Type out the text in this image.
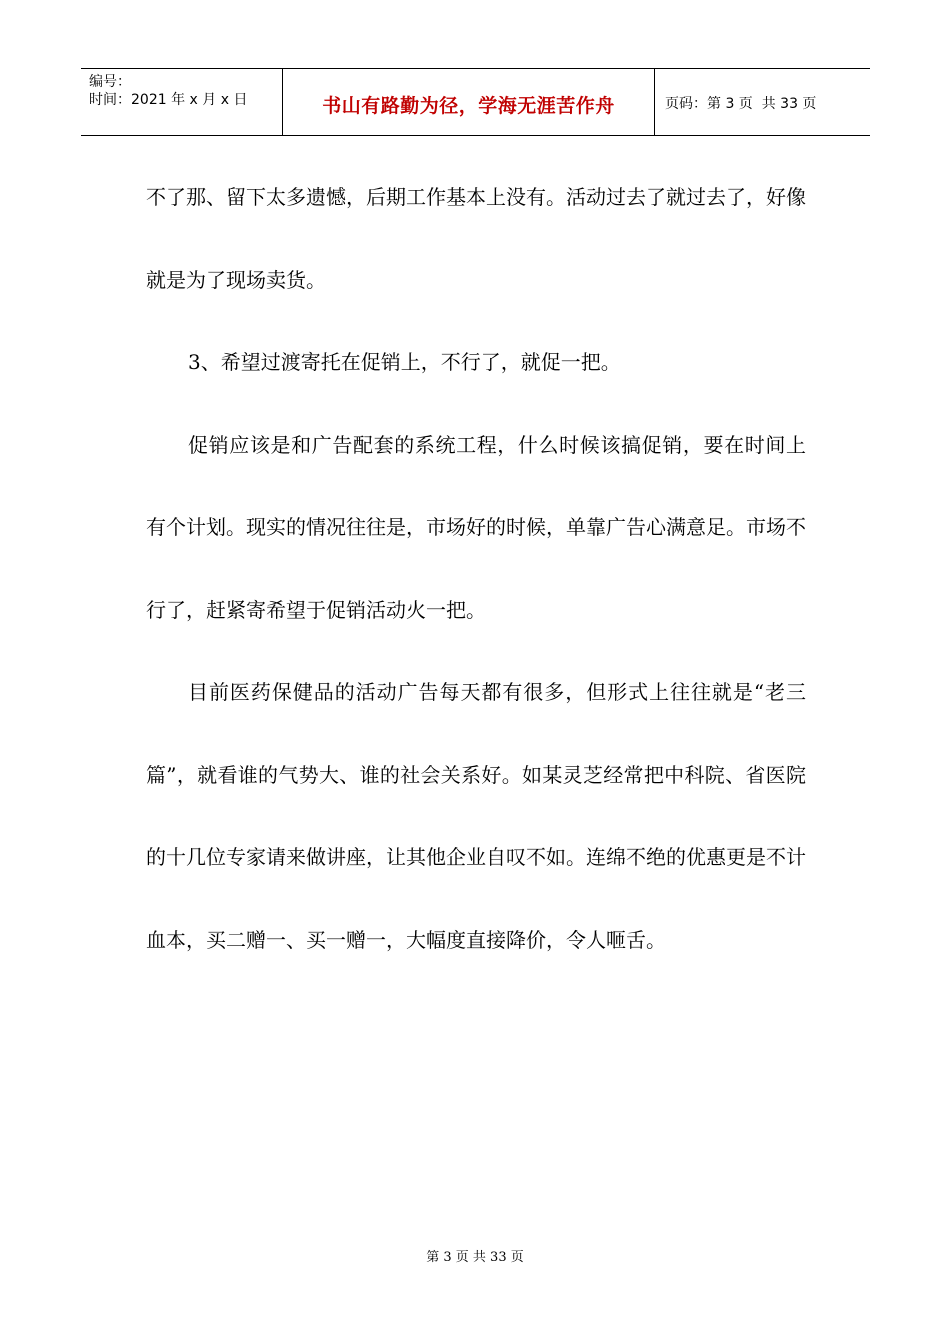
编号：
时间：2021 年 x 月 x 日	书山有路勤为径，学海无涯苦作舟	页码：第 3 页  共 33 页

不了那、留下太多遗憾，后期工作基本上没有。活动过去了就过去了，好像就是为了现场卖货。

3、希望过渡寄托在促销上，不行了，就促一把。

促销应该是和广告配套的系统工程，什么时候该搞促销，要在时间上有个计划。现实的情况往往是，市场好的时候，单靠广告心满意足。市场不行了，赶紧寄希望于促销活动火一把。

目前医药保健品的活动广告每天都有很多，但形式上往往就是“老三篇”，就看谁的气势大、谁的社会关系好。如某灵芝经常把中科院、省医院的十几位专家请来做讲座，让其他企业自叹不如。连绵不绝的优惠更是不计血本，买二赠一、买一赠一，大幅度直接降价，令人咂舌。

第 3 页 共 33 页
